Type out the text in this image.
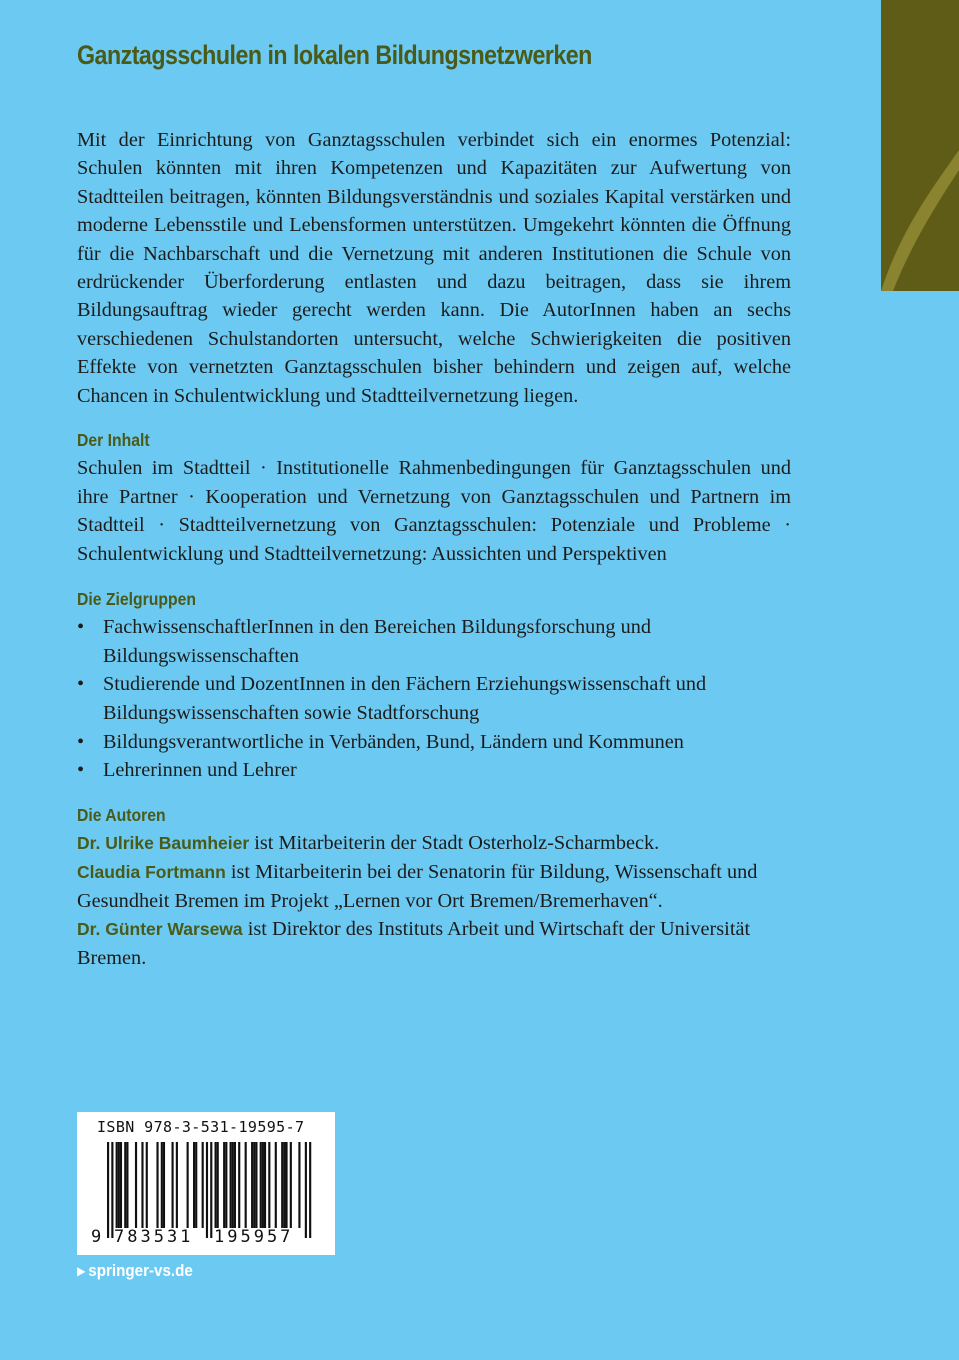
Ganztagsschulen in lokalen Bildungsnetzwerken

Mit der Einrichtung von Ganztagsschulen verbindet sich ein enormes Potenzial: Schulen könnten mit ihren Kompetenzen und Kapazitäten zur Aufwertung von Stadtteilen beitragen, könnten Bildungsverständnis und soziales Kapital verstärken und moderne Lebensstile und Lebensformen unterstützen. Umgekehrt könnten die Öffnung für die Nachbarschaft und die Vernetzung mit anderen Institutionen die Schule von erdrückender Überforderung entlasten und dazu beitragen, dass sie ihrem Bildungsauftrag wieder gerecht werden kann. Die AutorInnen haben an sechs verschiedenen Schulstandorten untersucht, welche Schwierigkeiten die positiven Effekte von vernetzten Ganztagsschulen bisher behindern und zeigen auf, welche Chancen in Schulentwicklung und Stadtteilvernetzung liegen.

Der Inhalt

Schulen im Stadtteil · Institutionelle Rahmenbedingungen für Ganztagsschulen und ihre Partner · Kooperation und Vernetzung von Ganztagsschulen und Partnern im Stadtteil · Stadtteilvernetzung von Ganztagsschulen: Potenziale und Probleme · Schulentwicklung und Stadtteilvernetzung: Aussichten und Perspektiven

Die Zielgruppen
• FachwissenschaftlerInnen in den Bereichen Bildungsforschung und Bildungswissenschaften
• Studierende und DozentInnen in den Fächern Erziehungswissenschaft und Bildungswissenschaften sowie Stadtforschung
• Bildungsverantwortliche in Verbänden, Bund, Ländern und Kommunen
• Lehrerinnen und Lehrer
Die Autoren

Dr. Ulrike Baumheier ist Mitarbeiterin der Stadt Osterholz-Scharmbeck.

Claudia Fortmann ist Mitarbeiterin bei der Senatorin für Bildung, Wissenschaft und Gesundheit Bremen im Projekt „Lernen vor Ort Bremen/Bremerhaven“.

Dr. Günter Warsewa ist Direktor des Instituts Arbeit und Wirtschaft der Universität Bremen.

ISBN 978-3-531-19595-7
9 783531 195957
▶ springer-vs.de
